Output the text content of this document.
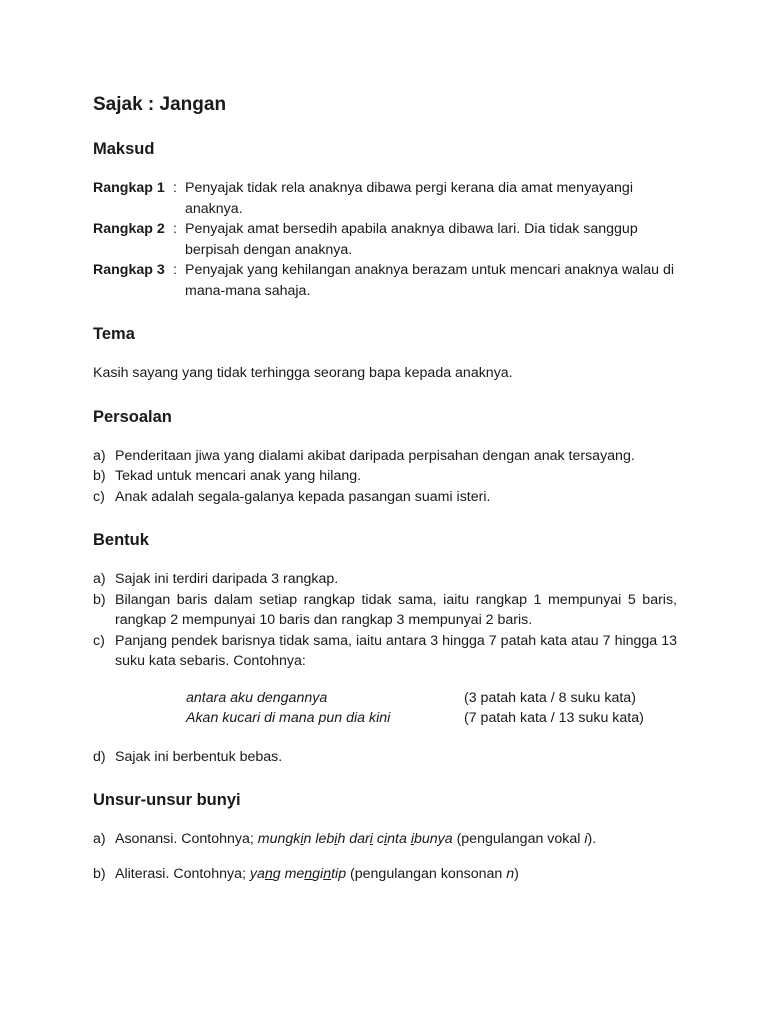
Sajak : Jangan
Maksud
Rangkap 1 : Penyajak tidak rela anaknya dibawa pergi kerana dia amat menyayangi anaknya.
Rangkap 2 : Penyajak amat bersedih apabila anaknya dibawa lari. Dia tidak sanggup berpisah dengan anaknya.
Rangkap 3 : Penyajak yang kehilangan anaknya berazam untuk mencari anaknya walau di mana-mana sahaja.
Tema

Kasih sayang yang tidak terhingga seorang bapa kepada anaknya.

Persoalan
a) Penderitaan jiwa yang dialami akibat daripada perpisahan dengan anak tersayang.
b) Tekad untuk mencari anak yang hilang.
c) Anak adalah segala-galanya kepada pasangan suami isteri.
Bentuk
a) Sajak ini terdiri daripada 3 rangkap.
b) Bilangan baris dalam setiap rangkap tidak sama, iaitu rangkap 1 mempunyai 5 baris, rangkap 2 mempunyai 10 baris dan rangkap 3 mempunyai 2 baris.
c) Panjang pendek barisnya tidak sama, iaitu antara 3 hingga 7 patah kata atau 7 hingga 13 suku kata sebaris. Contohnya:
antara aku dengannya	(3 patah kata / 8 suku kata)
Akan kucari di mana pun dia kini	(7 patah kata / 13 suku kata)
d) Sajak ini berbentuk bebas.
Unsur-unsur bunyi
a) Asonansi. Contohnya; mungkin lebih dari cinta ibunya (pengulangan vokal i).
b) Aliterasi. Contohnya; yang mengintip (pengulangan konsonan n)
